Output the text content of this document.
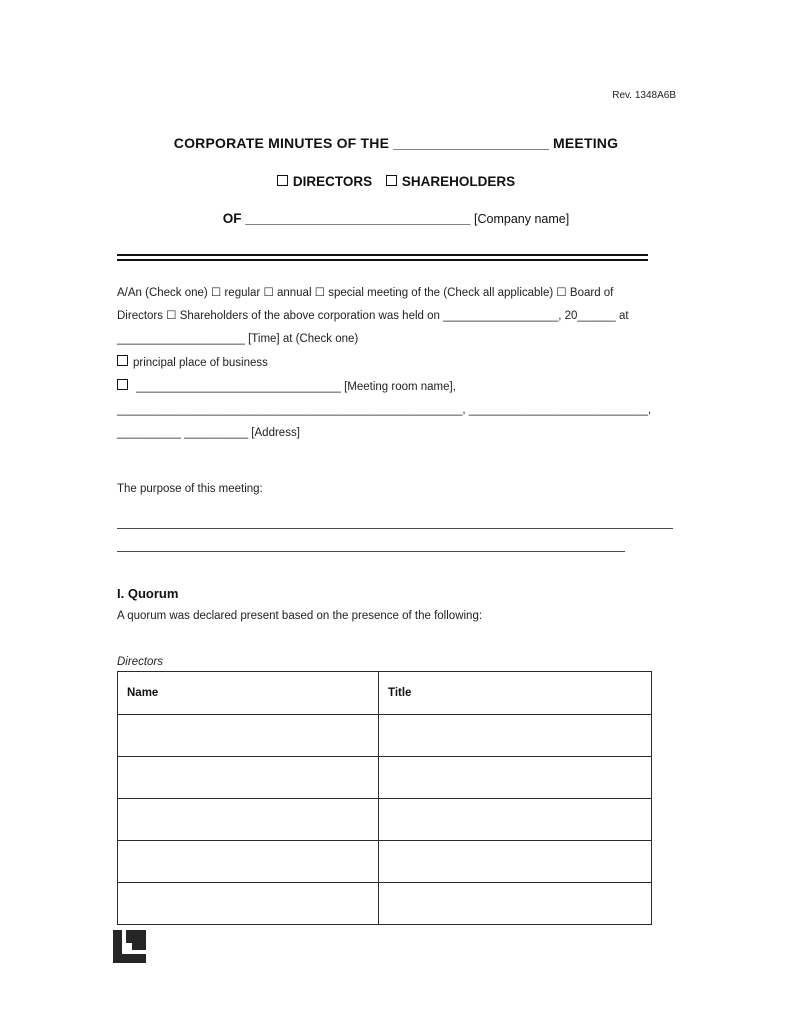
Rev. 1348A6B
CORPORATE MINUTES OF THE ____________________ MEETING
DIRECTORS SHAREHOLDERS
OF ______________________________ [Company name]
A/An (Check one) ☐ regular ☐ annual ☐ special meeting of the (Check all applicable) ☐ Board of
Directors ☐ Shareholders of the above corporation was held on __________________, 20______ at
____________________ [Time] at (Check one)
principal place of business
________________________________ [Meeting room name],
______________________________________________________, ____________________________,
__________ __________ [Address]
The purpose of this meeting:
I. Quorum
A quorum was declared present based on the presence of the following:
Directors
Name	Title
